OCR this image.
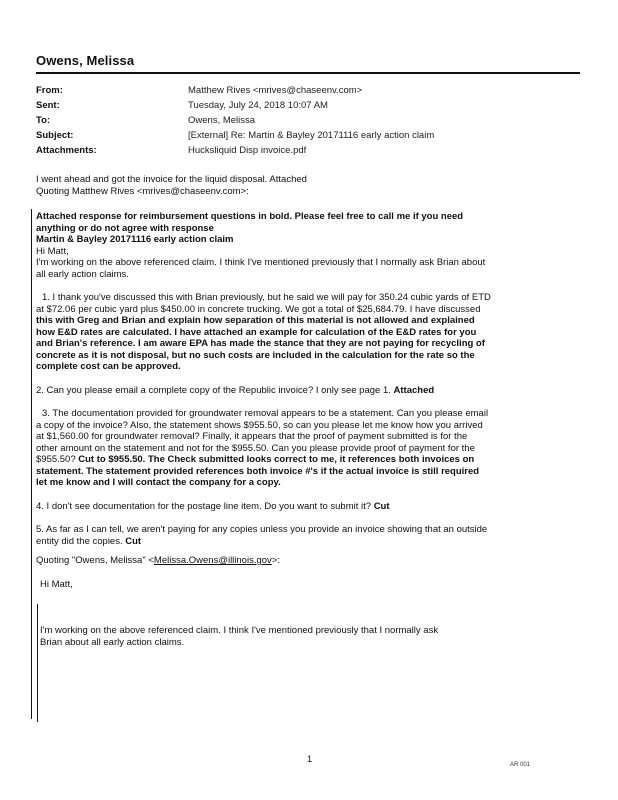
Owens, Melissa
From:	Matthew Rives <mrives@chaseenv.com>
Sent:	Tuesday, July 24, 2018 10:07 AM
To:	Owens, Melissa
Subject:	[External] Re: Martin & Bayley 20171116 early action claim
Attachments:	Hucksliquid Disp invoice.pdf
I went ahead and got the invoice for the liquid disposal. Attached
Quoting Matthew Rives <mrives@chaseenv.com>:
Attached response for reimbursement questions in bold. Please feel free to call me if you need
anything or do not agree with response
Martin & Bayley 20171116 early action claim
Hi Matt,
I'm working on the above referenced claim. I think I've mentioned previously that I normally ask Brian about
all early action claims.
1. I thank you've discussed this with Brian previously, but he said we will pay for 350.24 cubic yards of ETD
at $72.06 per cubic yard plus $450.00 in concrete trucking. We got a total of $25,684.79. I have discussed
this with Greg and Brian and explain how separation of this material is not allowed and explained
how E&D rates are calculated. I have attached an example for calculation of the E&D rates for you
and Brian's reference. I am aware EPA has made the stance that they are not paying for recycling of
concrete as it is not disposal, but no such costs are included in the calculation for the rate so the
complete cost can be approved.
2. Can you please email a complete copy of the Republic invoice? I only see page 1. Attached
3. The documentation provided for groundwater removal appears to be a statement. Can you please email
a copy of the invoice? Also, the statement shows $955.50, so can you please let me know how you arrived
at $1,560.00 for groundwater removal? Finally, it appears that the proof of payment submitted is for the
other amount on the statement and not for the $955.50. Can you please provide proof of payment for the
$955.50? Cut to $955.50. The Check submitted looks correct to me, it references both invoices on
statement. The statement provided references both invoice #'s if the actual invoice is still required
let me know and I will contact the company for a copy.
4. I don't see documentation for the postage line item. Do you want to submit it? Cut
5. As far as I can tell, we aren't paying for any copies unless you provide an invoice showing that an outside
entity did the copies. Cut
Quoting "Owens, Melissa" <Melissa.Owens@illinois.gov>:
Hi Matt,
I'm working on the above referenced claim. I think I've mentioned previously that I normally ask
Brian about all early action claims.
1
AR 001
